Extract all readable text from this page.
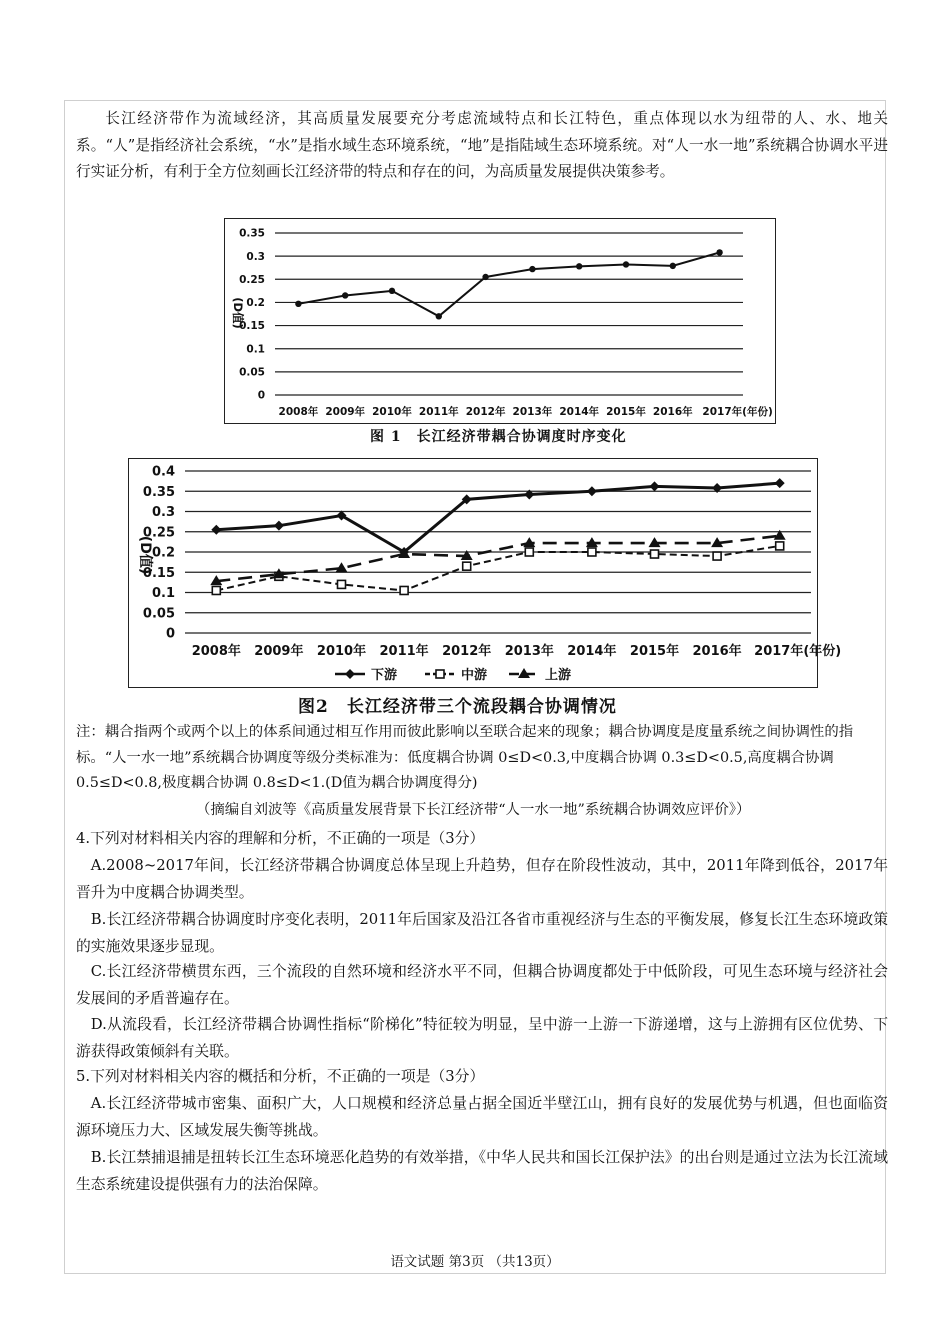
长江经济带作为流域经济，其高质量发展要充分考虑流域特点和长江特色，重点体现以水为纽带的人、水、地关系。“人”是指经济社会系统，“水”是指水域生态环境系统，“地”是指陆域生态环境系统。对“人一水一地”系统耦合协调水平进行实证分析，有利于全方位刻画长江经济带的特点和存在的问，为高质量发展提供决策参考。

0
0.05
0.1
0.15
0.2
0.25
0.3
0.35
2008年 2009年 2010年 2011年 2012年 2013年 2014年 2015年 2016年 2017年(年份)
(D值)
图 1　长江经济带耦合协调度时序变化
0
0.05
0.1
0.15
0.2
0.25
0.3
0.35
0.4
2008年 2009年 2010年 2011年 2012年 2013年 2014年 2015年 2016年 2017年(年份)
(D值)
下游	中游	上游
图2　长江经济带三个流段耦合协调情况

注：耦合指两个或两个以上的体系间通过相互作用而彼此影响以至联合起来的现象；耦合协调度是度量系统之间协调性的指标。“人一水一地”系统耦合协调度等级分类标准为：低度耦合协调 0≤D<0.3,中度耦合协调 0.3≤D<0.5,高度耦合协调 0.5≤D<0.8,极度耦合协调 0.8≤D<1.(D值为耦合协调度得分)

（摘编自刘波等《高质量发展背景下长江经济带“人一水一地”系统耦合协调效应评价》）

4.下列对材料相关内容的理解和分析，不正确的一项是（3分）

A.2008~2017年间，长江经济带耦合协调度总体呈现上升趋势，但存在阶段性波动，其中，2011年降到低谷，2017年晋升为中度耦合协调类型。

B.长江经济带耦合协调度时序变化表明，2011年后国家及沿江各省市重视经济与生态的平衡发展，修复长江生态环境政策的实施效果逐步显现。

C.长江经济带横贯东西，三个流段的自然环境和经济水平不同，但耦合协调度都处于中低阶段，可见生态环境与经济社会发展间的矛盾普遍存在。

D.从流段看，长江经济带耦合协调性指标“阶梯化”特征较为明显，呈中游一上游一下游递增，这与上游拥有区位优势、下游获得政策倾斜有关联。

5.下列对材料相关内容的概括和分析，不正确的一项是（3分）

A.长江经济带城市密集、面积广大，人口规模和经济总量占据全国近半壁江山，拥有良好的发展优势与机遇，但也面临资源环境压力大、区域发展失衡等挑战。

B.长江禁捕退捕是扭转长江生态环境恶化趋势的有效举措，《中华人民共和国长江保护法》的出台则是通过立法为长江流域生态系统建设提供强有力的法治保障。

语文试题 第3页 （共13页）
